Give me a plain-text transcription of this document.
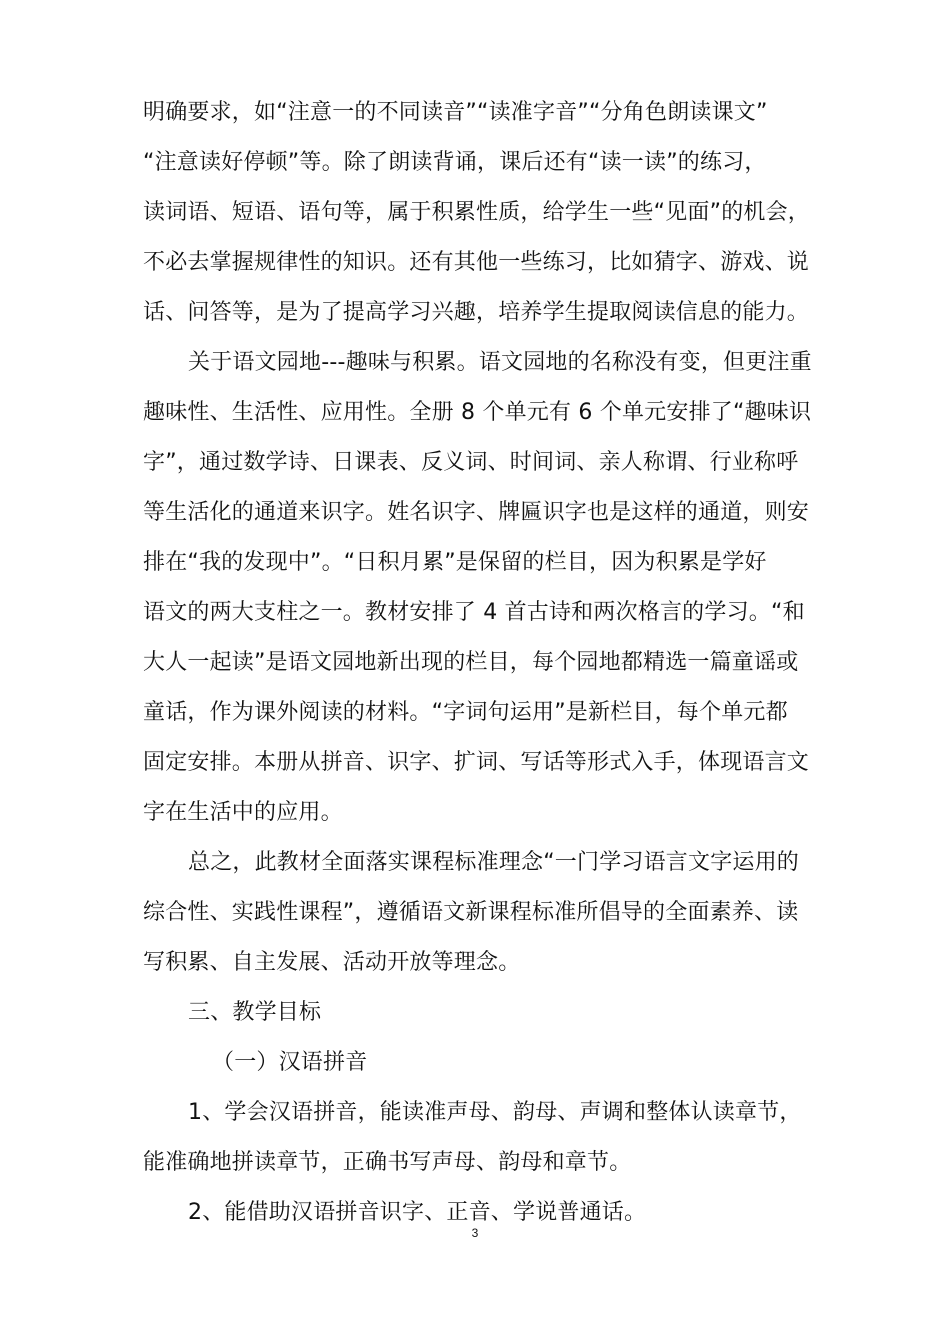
明确要求，如“注意一的不同读音”“读准字音”“分角色朗读课文”
“注意读好停顿”等。除了朗读背诵，课后还有“读一读”的练习，
读词语、短语、语句等，属于积累性质，给学生一些“见面”的机会，
不必去掌握规律性的知识。还有其他一些练习，比如猜字、游戏、说
话、问答等，是为了提高学习兴趣，培养学生提取阅读信息的能力。
关于语文园地---趣味与积累。语文园地的名称没有变，但更注重
趣味性、生活性、应用性。全册 8 个单元有 6 个单元安排了“趣味识
字”，通过数学诗、日课表、反义词、时间词、亲人称谓、行业称呼
等生活化的通道来识字。姓名识字、牌匾识字也是这样的通道，则安
排在“我的发现中”。“日积月累”是保留的栏目，因为积累是学好
语文的两大支柱之一。教材安排了 4 首古诗和两次格言的学习。“和
大人一起读”是语文园地新出现的栏目，每个园地都精选一篇童谣或
童话，作为课外阅读的材料。“字词句运用”是新栏目，每个单元都
固定安排。本册从拼音、识字、扩词、写话等形式入手，体现语言文
字在生活中的应用。
总之，此教材全面落实课程标准理念“一门学习语言文字运用的
综合性、实践性课程”，遵循语文新课程标准所倡导的全面素养、读
写积累、自主发展、活动开放等理念。
三、教学目标
（一）汉语拼音
1、学会汉语拼音，能读准声母、韵母、声调和整体认读章节，
能准确地拼读章节，正确书写声母、韵母和章节。
2、能借助汉语拼音识字、正音、学说普通话。
3
